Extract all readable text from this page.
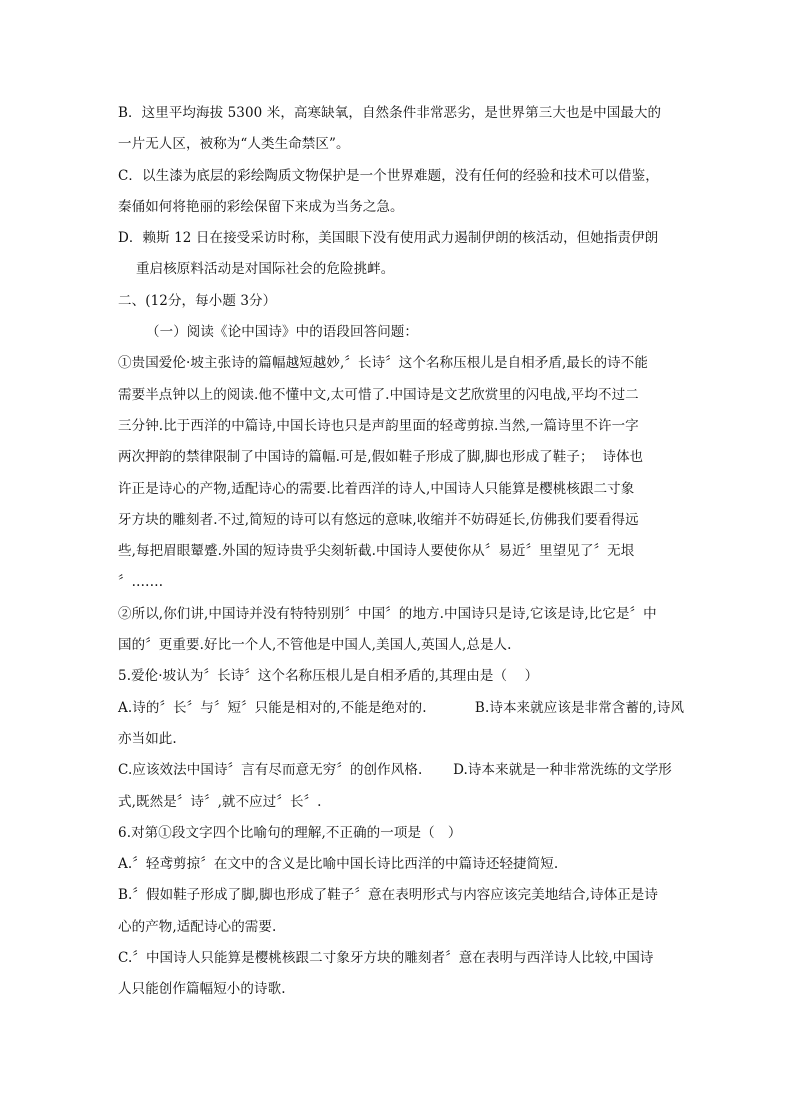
B．这里平均海拔 5300 米，高寒缺氧，自然条件非常恶劣，是世界第三大也是中国最大的
一片无人区，被称为“人类生命禁区”。
C．以生漆为底层的彩绘陶质文物保护是一个世界难题，没有任何的经验和技术可以借鉴，
秦俑如何将艳丽的彩绘保留下来成为当务之急。
D．赖斯 12 日在接受采访时称，美国眼下没有使用武力遏制伊朗的核活动，但她指责伊朗
重启核原料活动是对国际社会的危险挑衅。
二、(12分，每小题 3分）
（一）阅读《论中国诗》中的语段回答问题：
①贵国爱伦·坡主张诗的篇幅越短越妙,〞长诗〞这个名称压根儿是自相矛盾,最长的诗不能
需要半点钟以上的阅读.他不懂中文,太可惜了.中国诗是文艺欣赏里的闪电战,平均不过二
三分钟.比于西洋的中篇诗,中国长诗也只是声韵里面的轻鸢剪掠.当然,一篇诗里不许一字
两次押韵的禁律限制了中国诗的篇幅.可是,假如鞋子形成了脚,脚也形成了鞋子；  诗体也
许正是诗心的产物,适配诗心的需要.比着西洋的诗人,中国诗人只能算是樱桃核跟二寸象
牙方块的雕刻者.不过,简短的诗可以有悠远的意味,收缩并不妨碍延长,仿佛我们要看得远
些,每把眉眼颦蹙.外国的短诗贵乎尖刻斩截.中国诗人要使你从〞易近〞里望见了〞无垠
〞.……
②所以,你们讲,中国诗并没有特特别别〞中国〞的地方.中国诗只是诗,它该是诗,比它是〞中
国的〞更重要.好比一个人,不管他是中国人,美国人,英国人,总是人.
5.爱伦·坡认为〞长诗〞这个名称压根儿是自相矛盾的,其理由是（    ）
A.诗的〞长〞与〞短〞只能是相对的,不能是绝对的.           B.诗本来就应该是非常含蓄的,诗风
亦当如此.
C.应该效法中国诗〞言有尽而意无穷〞的创作风格.       D.诗本来就是一种非常洗练的文学形
式,既然是〞诗〞,就不应过〞长〞.
6.对第①段文字四个比喻句的理解,不正确的一项是（   ）
A.〞轻鸢剪掠〞在文中的含义是比喻中国长诗比西洋的中篇诗还轻捷简短.
B.〞假如鞋子形成了脚,脚也形成了鞋子〞意在表明形式与内容应该完美地结合,诗体正是诗
心的产物,适配诗心的需要.
C.〞中国诗人只能算是樱桃核跟二寸象牙方块的雕刻者〞意在表明与西洋诗人比较,中国诗
人只能创作篇幅短小的诗歌.
